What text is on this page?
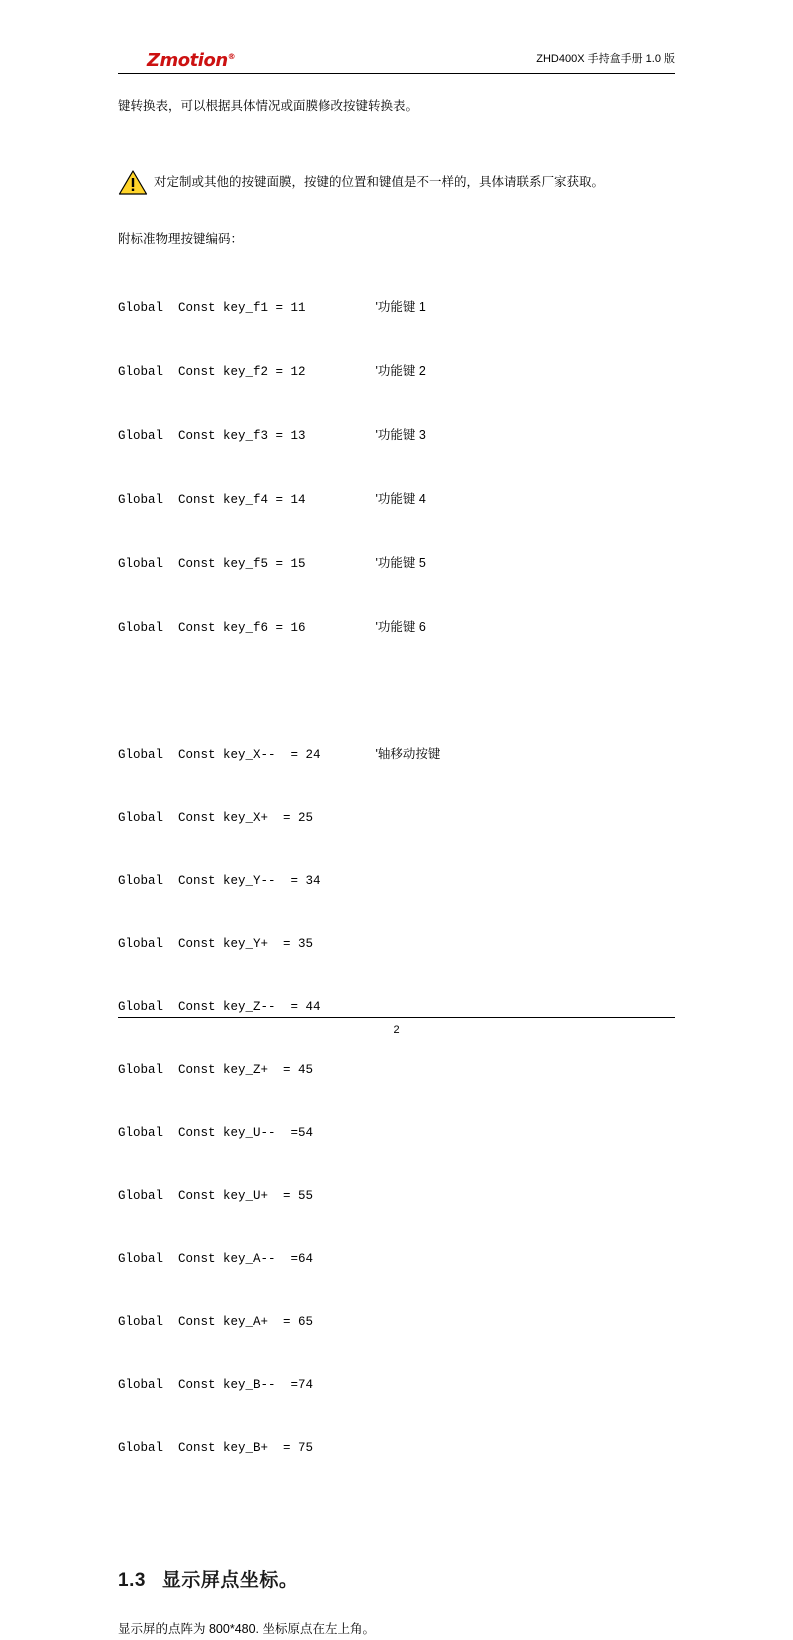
Zmotion®	ZHD400X 手持盒手册 1.0 版

键转换表，可以根据具体情况或面膜修改按键转换表。

对定制或其他的按键面膜，按键的位置和键值是不一样的，具体请联系厂家获取。
附标准物理按键编码：

Global  Const key_f1 = 11	'功能键 1

Global  Const key_f2 = 12	'功能键 2

Global  Const key_f3 = 13	'功能键 3

Global  Const key_f4 = 14	'功能键 4

Global  Const key_f5 = 15	'功能键 5

Global  Const key_f6 = 16	'功能键 6

Global  Const key_X--  = 24	'轴移动按键

Global  Const key_X+  = 25

Global  Const key_Y--  = 34

Global  Const key_Y+  = 35

Global  Const key_Z--  = 44

Global  Const key_Z+  = 45

Global  Const key_U--  =54

Global  Const key_U+  = 55

Global  Const key_A--  =64

Global  Const key_A+  = 65

Global  Const key_B--  =74

Global  Const key_B+  = 75

1.3 显示屏点坐标。

显示屏的点阵为 800*480. 坐标原点在左上角。

2
